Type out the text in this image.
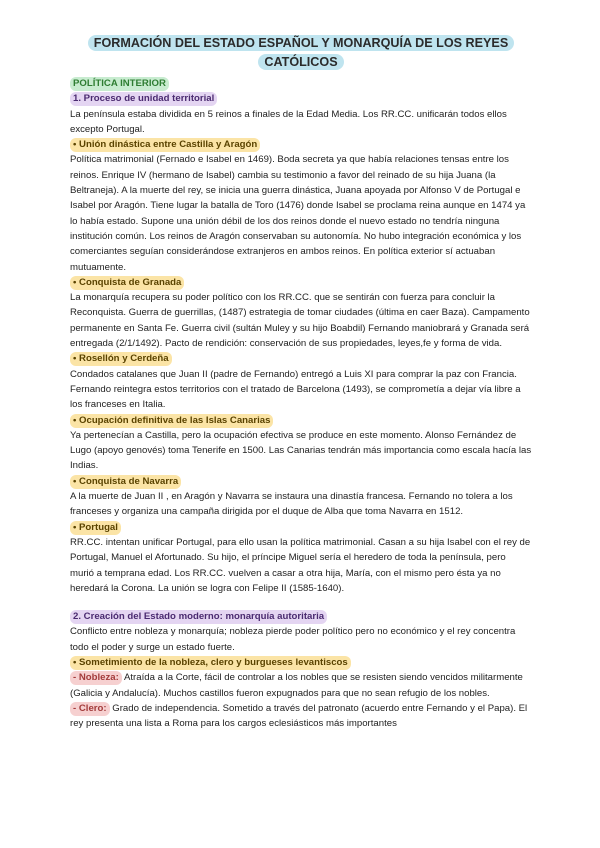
FORMACIÓN DEL ESTADO ESPAÑOL Y MONARQUÍA DE LOS REYES CATÓLICOS
POLÍTICA INTERIOR
1. Proceso de unidad territorial

La península estaba dividida en 5 reinos a finales de la Edad Media. Los RR.CC. unificarán todos ellos excepto Portugal.

• Unión dinástica entre Castilla y Aragón

Política matrimonial (Fernado e Isabel en 1469). Boda secreta ya que había relaciones tensas entre los reinos. Enrique IV (hermano de Isabel) cambia su testimonio a favor del reinado de su hija Juana (la Beltraneja). A la muerte del rey, se inicia una guerra dinástica, Juana apoyada por Alfonso V de Portugal e Isabel por Aragón. Tiene lugar la batalla de Toro (1476) donde Isabel se proclama reina aunque en 1474 ya lo había estado. Supone una unión débil de los dos reinos donde el nuevo estado no tendría ninguna institución común. Los reinos de Aragón conservaban su autonomía. No hubo integración económica y los comerciantes seguían considerándose extranjeros en ambos reinos. En política exterior sí actuaban mutuamente.

• Conquista de Granada

La monarquía recupera su poder político con los RR.CC. que se sentirán con fuerza para concluir la Reconquista. Guerra de guerrillas, (1487) estrategia de tomar ciudades (última en caer Baza). Campamento permanente en Santa Fe. Guerra civil (sultán Muley y su hijo Boabdil) Fernando maniobrará y Granada será entregada (2/1/1492). Pacto de rendición: conservación de sus propiedades, leyes,fe y forma de vida.

• Rosellón y Cerdeña

Condados catalanes que Juan II (padre de Fernando) entregó a Luis XI para comprar la paz con Francia. Fernando reintegra estos territorios con el tratado de Barcelona (1493), se comprometía a dejar vía libre a los franceses en Italia.

• Ocupación definitiva de las Islas Canarias

Ya pertenecían a Castilla, pero la ocupación efectiva se produce en este momento. Alonso Fernández de Lugo (apoyo genovés) toma Tenerife en 1500. Las Canarias tendrán más importancia como escala hacía las Indias.

• Conquista de Navarra

A la muerte de Juan II , en Aragón y Navarra se instaura una dinastía francesa. Fernando no tolera a los franceses y organiza una campaña dirigida por el duque de Alba que toma Navarra en 1512.

• Portugal

RR.CC. intentan unificar Portugal, para ello usan la política matrimonial. Casan a su hija Isabel con el rey de Portugal, Manuel el Afortunado. Su hijo, el príncipe Miguel sería el heredero de toda la península, pero murió a temprana edad. Los RR.CC. vuelven a casar a otra hija, María, con el mismo pero ésta ya no heredará la Corona. La unión se logra con Felipe II (1585-1640).

2. Creación del Estado moderno: monarquía autoritaria

Conflicto entre nobleza y monarquía; nobleza pierde poder político pero no económico y el rey concentra todo el poder y surge un estado fuerte.

• Sometimiento de la nobleza, clero y burgueses levantiscos

- Nobleza: Atraída a la Corte, fácil de controlar a los nobles que se resisten siendo vencidos militarmente (Galicia y Andalucía). Muchos castillos fueron expugnados para que no sean refugio de los nobles.

- Clero: Grado de independencia. Sometido a través del patronato (acuerdo entre Fernando y el Papa). El rey presenta una lista a Roma para los cargos eclesiásticos más importantes
